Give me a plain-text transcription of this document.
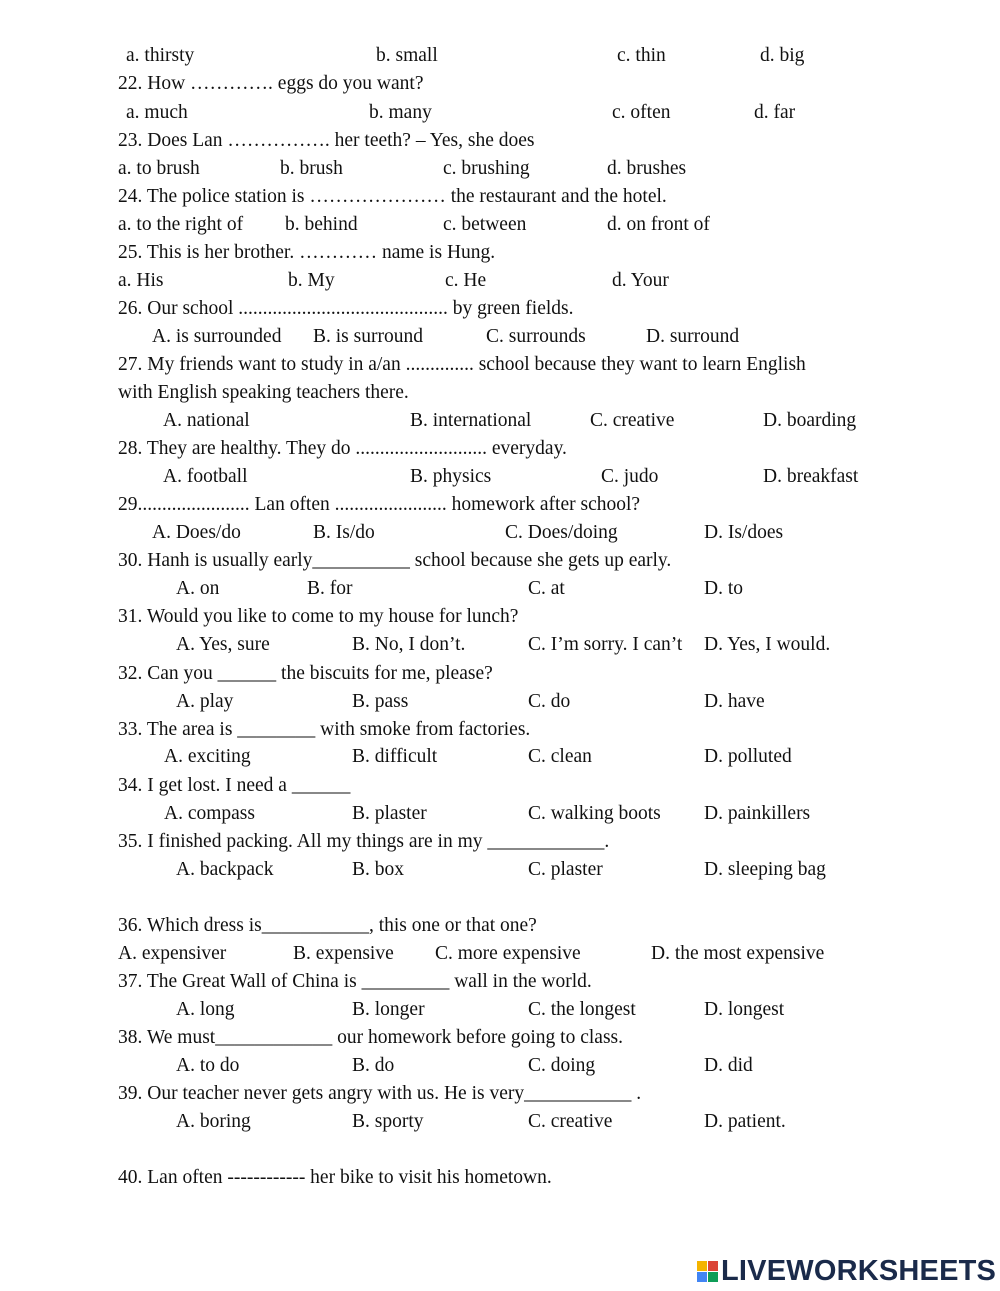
a. thirsty	b. small	c. thin	d. big
22. How …………. eggs do you want?
a. much	b. many	c. often	d. far
23. Does Lan ……………. her teeth? – Yes, she does
a. to brush	b. brush	c. brushing	d. brushes
24. The police station is ………………… the restaurant and the hotel.
a. to the right of b. behind	c. between	d. on front of
25. This is her brother. ………… name is Hung.
a. His	b. My	c. He	d. Your
26. Our school ........................................... by green fields.
A. is surrounded B. is surround	C. surrounds	D. surround
27. My friends want to study in a/an .............. school because they want to learn English
with English speaking teachers there.
A. national	B. international	C. creative	D. boarding
28. They are healthy. They do ........................... everyday.
A. football	B. physics	C. judo	D. breakfast
29....................... Lan often ....................... homework after school?
A. Does/do	B. Is/do	C. Does/doing	D. Is/does
30. Hanh is usually early__________ school because she gets up early.
A. on	B. for	C. at	D. to
31. Would you like to come to my house for lunch?
A. Yes, sure	B. No, I don’t.	C. I’m sorry. I can’t D. Yes, I would.
32. Can you ______ the biscuits for me, please?
A. play	B. pass	C. do	D. have
33. The area is ________ with smoke from factories.
A. exciting	B. difficult	C. clean	D. polluted
34. I get lost. I need a ______
A. compass	B. plaster	C. walking boots D. painkillers
35. I finished packing. All my things are in my ____________.
A. backpack	B. box	C. plaster	D. sleeping bag
36. Which dress is___________, this one or that one?
A. expensiver	B. expensive C. more expensive	D. the most expensive
37. The Great Wall of China is _________ wall in the world.
A. long	B. longer	C. the longest	D. longest
38. We must____________ our homework before going to class.
A. to do	B. do	C. doing	D. did
39. Our teacher never gets angry with us. He is very___________ .
A. boring	B. sporty	C. creative	D. patient.
40. Lan often ------------ her bike to visit his hometown.
LIVEWORKSHEETS
